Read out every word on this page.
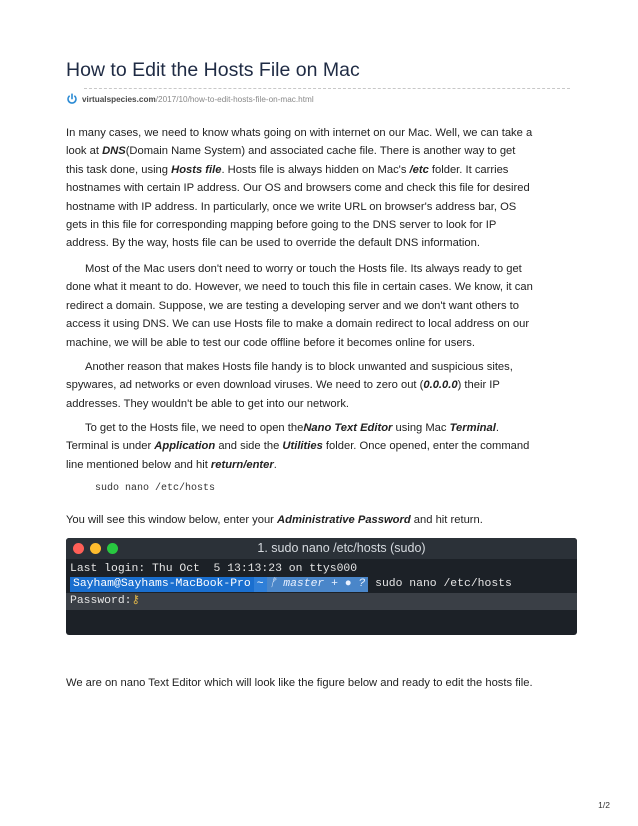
How to Edit the Hosts File on Mac
virtualspecies.com/2017/10/how-to-edit-hosts-file-on-mac.html
In many cases, we need to know whats going on with internet on our Mac. Well, we can take a
look at DNS(Domain Name System) and associated cache file. There is another way to get
this task done, using Hosts file. Hosts file is always hidden on Mac's /etc folder. It carries
hostnames with certain IP address. Our OS and browsers come and check this file for desired
hostname with IP address. In particularly, once we write URL on browser's address bar, OS
gets in this file for corresponding mapping before going to the DNS server to look for IP
address. By the way, hosts file can be used to override the default DNS information.
Most of the Mac users don't need to worry or touch the Hosts file. Its always ready to get
done what it meant to do. However, we need to touch this file in certain cases. We know, it can
redirect a domain. Suppose, we are testing a developing server and we don't want others to
access it using DNS. We can use Hosts file to make a domain redirect to local address on our
machine, we will be able to test our code offline before it becomes online for users.
Another reason that makes Hosts file handy is to block unwanted and suspicious sites,
spywares, ad networks or even download viruses. We need to zero out (0.0.0.0) their IP
addresses. They wouldn't be able to get into our network.
To get to the Hosts file, we need to open theNano Text Editor using Mac Terminal.
Terminal is under Application and side the Utilities folder. Once opened, enter the command
line mentioned below and hit return/enter.
sudo nano /etc/hosts
You will see this window below, enter your Administrative Password and hit return.
1. sudo nano /etc/hosts (sudo)
Last login: Thu Oct  5 13:13:23 on ttys000
Sayham@Sayhams-MacBook-Pro ~ ᚠ master + ● ? sudo nano /etc/hosts
Password:⚷
We are on nano Text Editor which will look like the figure below and ready to edit the hosts file.
1/2
